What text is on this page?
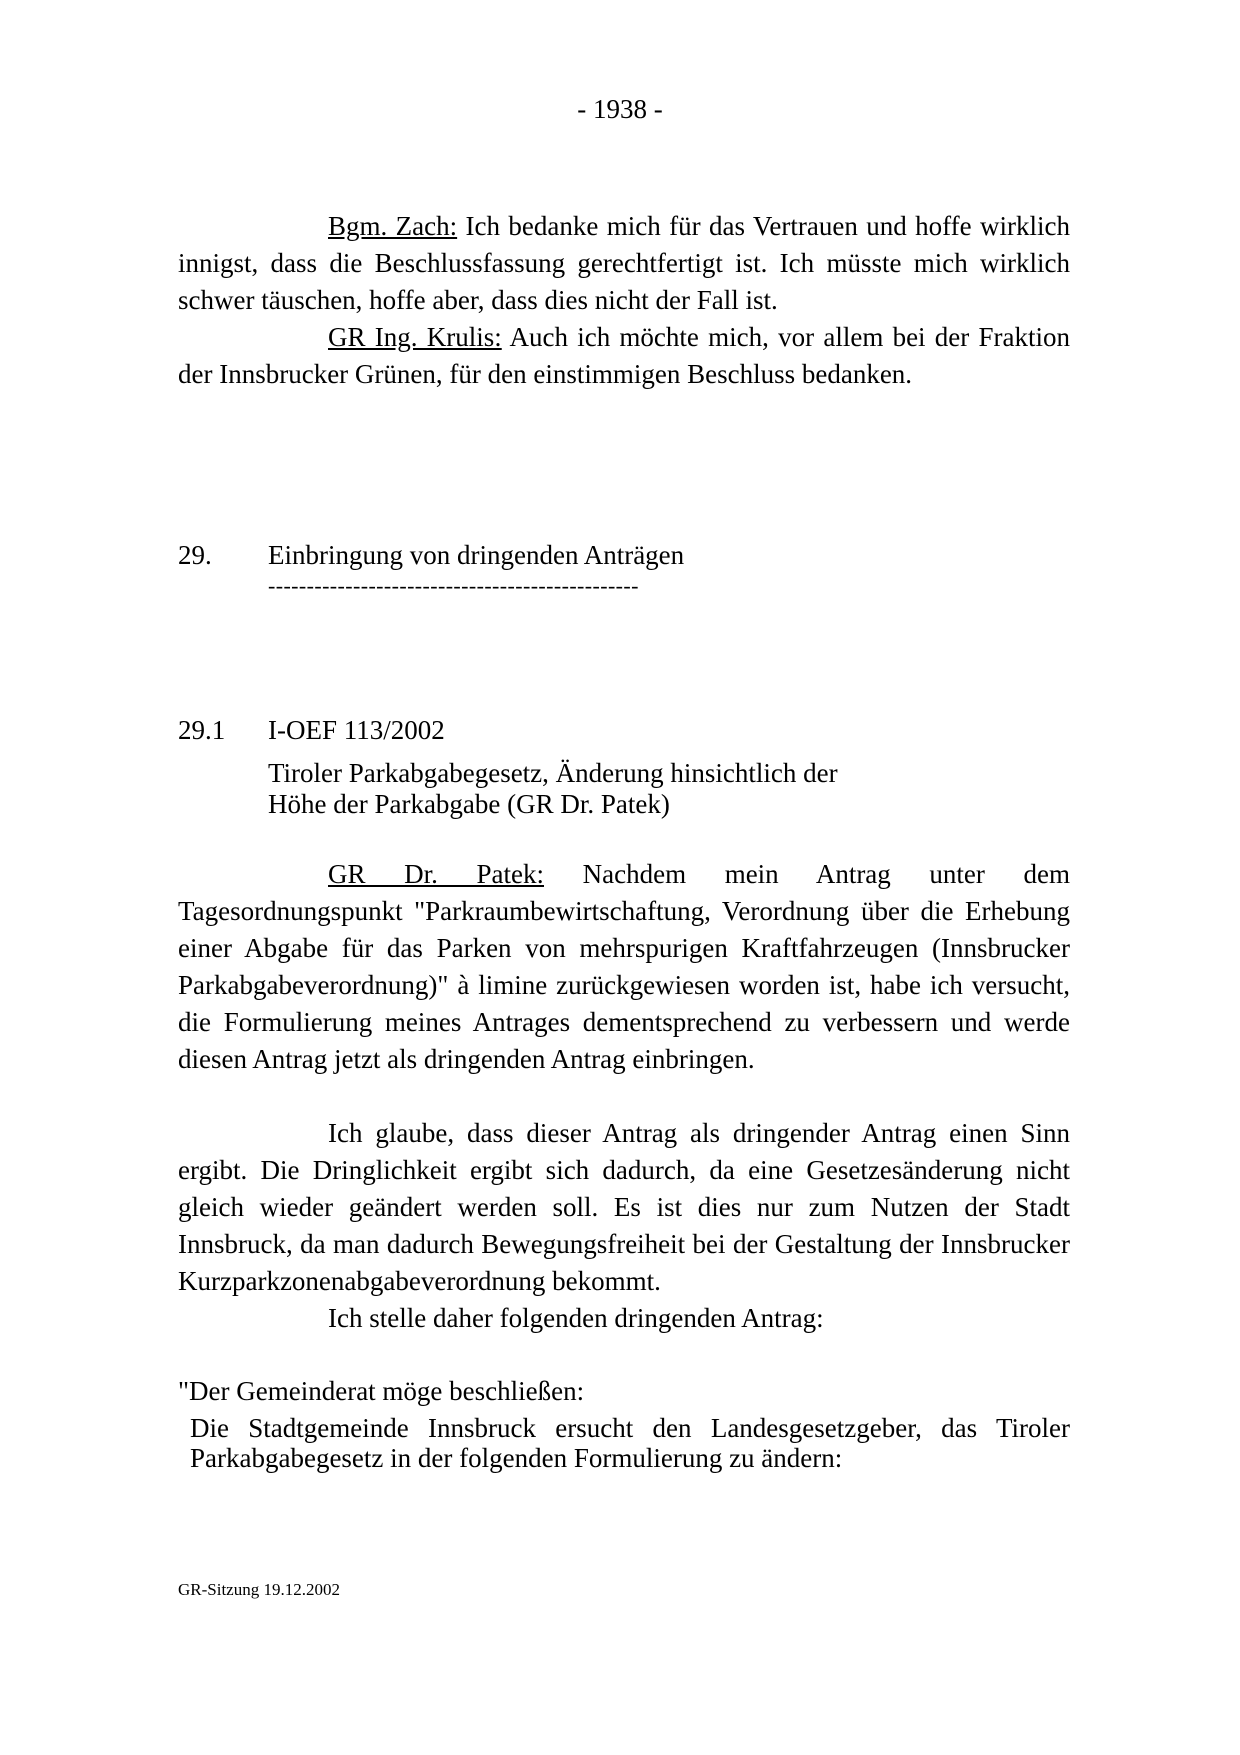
- 1938 -

Bgm. Zach: Ich bedanke mich für das Vertrauen und hoffe wirklich innigst, dass die Beschlussfassung gerechtfertigt ist. Ich müsste mich wirklich schwer täuschen, hoffe aber, dass dies nicht der Fall ist.

GR Ing. Krulis: Auch ich möchte mich, vor allem bei der Fraktion der Innsbrucker Grünen, für den einstimmigen Beschluss bedanken.

29. Einbringung von dringenden Anträgen
------------------------------------------------
29.1 I-OEF 113/2002
Tiroler Parkabgabegesetz, Änderung hinsichtlich der
Höhe der Parkabgabe (GR Dr. Patek)

GR Dr. Patek: Nachdem mein Antrag unter dem Tagesordnungspunkt "Parkraumbewirtschaftung, Verordnung über die Erhebung einer Abgabe für das Parken von mehrspurigen Kraftfahrzeugen (Innsbrucker Parkabgabeverordnung)" à limine zurückgewiesen worden ist, habe ich versucht, die Formulierung meines Antrages dementsprechend zu verbessern und werde diesen Antrag jetzt als dringenden Antrag einbringen.

Ich glaube, dass dieser Antrag als dringender Antrag einen Sinn ergibt. Die Dringlichkeit ergibt sich dadurch, da eine Gesetzesänderung nicht gleich wieder geändert werden soll. Es ist dies nur zum Nutzen der Stadt Innsbruck, da man dadurch Bewegungsfreiheit bei der Gestaltung der Innsbrucker Kurzparkzonenabgabeverordnung bekommt.

Ich stelle daher folgenden dringenden Antrag:

"Der Gemeinderat möge beschließen:

Die Stadtgemeinde Innsbruck ersucht den Landesgesetzgeber, das Tiroler Parkabgabegesetz in der folgenden Formulierung zu ändern:

GR-Sitzung 19.12.2002
